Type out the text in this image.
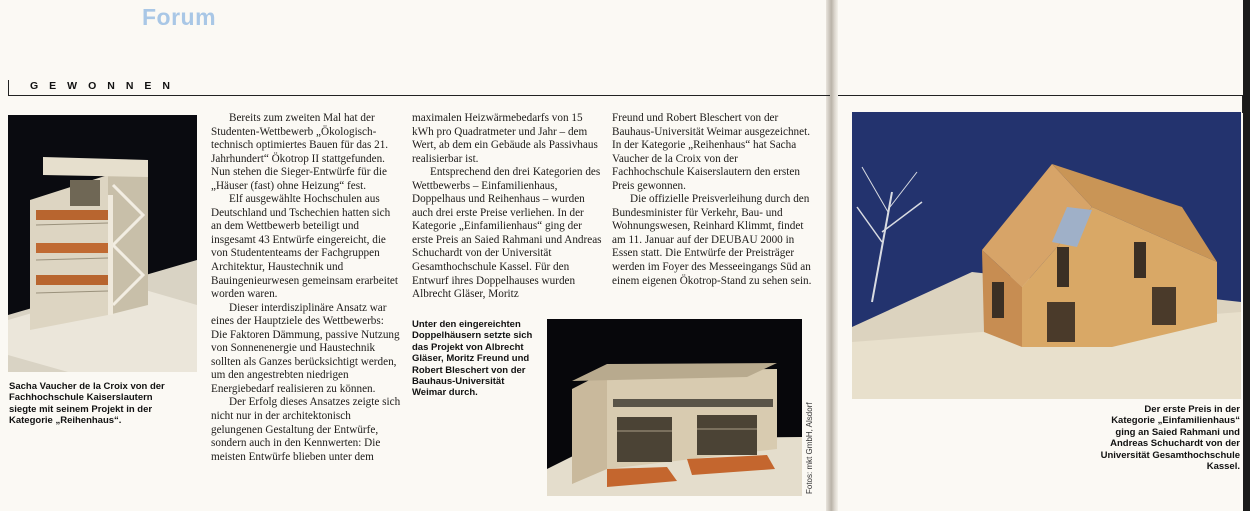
Forum
GEWONNEN
Sacha Vaucher de la Croix von der Fachhochschule Kaiserslautern siegte mit seinem Projekt in der Kategorie „Reihenhaus“.

Bereits zum zweiten Mal hat der Studenten-Wettbewerb „Ökologisch-technisch optimiertes Bauen für das 21. Jahrhundert“ Ökotrop II stattgefunden. Nun stehen die Sieger-Entwürfe für die „Häuser (fast) ohne Heizung“ fest.

Elf ausgewählte Hochschulen aus Deutschland und Tschechien hatten sich an dem Wettbewerb beteiligt und insgesamt 43 Entwürfe eingereicht, die von Studententeams der Fachgruppen Architektur, Haustechnik und Bauingenieurwesen gemeinsam erarbeitet worden waren.

Dieser interdisziplinäre Ansatz war eines der Hauptziele des Wettbewerbs: Die Faktoren Dämmung, passive Nutzung von Sonnenenergie und Haustechnik sollten als Ganzes berücksichtigt werden, um den angestrebten niedrigen Energiebedarf realisieren zu können.

Der Erfolg dieses Ansatzes zeigte sich nicht nur in der architektonisch gelungenen Gestaltung der Entwürfe, sondern auch in den Kennwerten: Die meisten Entwürfe blieben unter dem

maximalen Heizwärmebedarfs von 15 kWh pro Quadratmeter und Jahr – dem Wert, ab dem ein Gebäude als Passivhaus realisierbar ist.

Entsprechend den drei Kategorien des Wettbewerbs – Einfamilienhaus, Doppelhaus und Reihenhaus – wurden auch drei erste Preise verliehen. In der Kategorie „Einfamilienhaus“ ging der erste Preis an Saied Rahmani und Andreas Schuchardt von der Universität Gesamthochschule Kassel. Für den Entwurf ihres Doppelhauses wurden Albrecht Gläser, Moritz

Freund und Robert Bleschert von der Bauhaus-Universität Weimar ausgezeichnet. In der Kategorie „Reihenhaus“ hat Sacha Vaucher de la Croix von der Fachhochschule Kaiserslautern den ersten Preis gewonnen.

Die offizielle Preisverleihung durch den Bundesminister für Verkehr, Bau- und Wohnungswesen, Reinhard Klimmt, findet am 11. Januar auf der DEUBAU 2000 in Essen statt. Die Entwürfe der Preisträger werden im Foyer des Messeeingangs Süd an einem eigenen Ökotrop-Stand zu sehen sein.

Unter den eingereichten Doppelhäusern setzte sich das Projekt von Albrecht Gläser, Moritz Freund und Robert Bleschert von der Bauhaus-Universität Weimar durch.
Fotos: mkt GmbH, Alsdorf	Der erste Preis in der Kategorie „Einfamilienhaus“ ging an Saied Rahmani und Andreas Schuchardt von der Universität Gesamthochschule Kassel.
